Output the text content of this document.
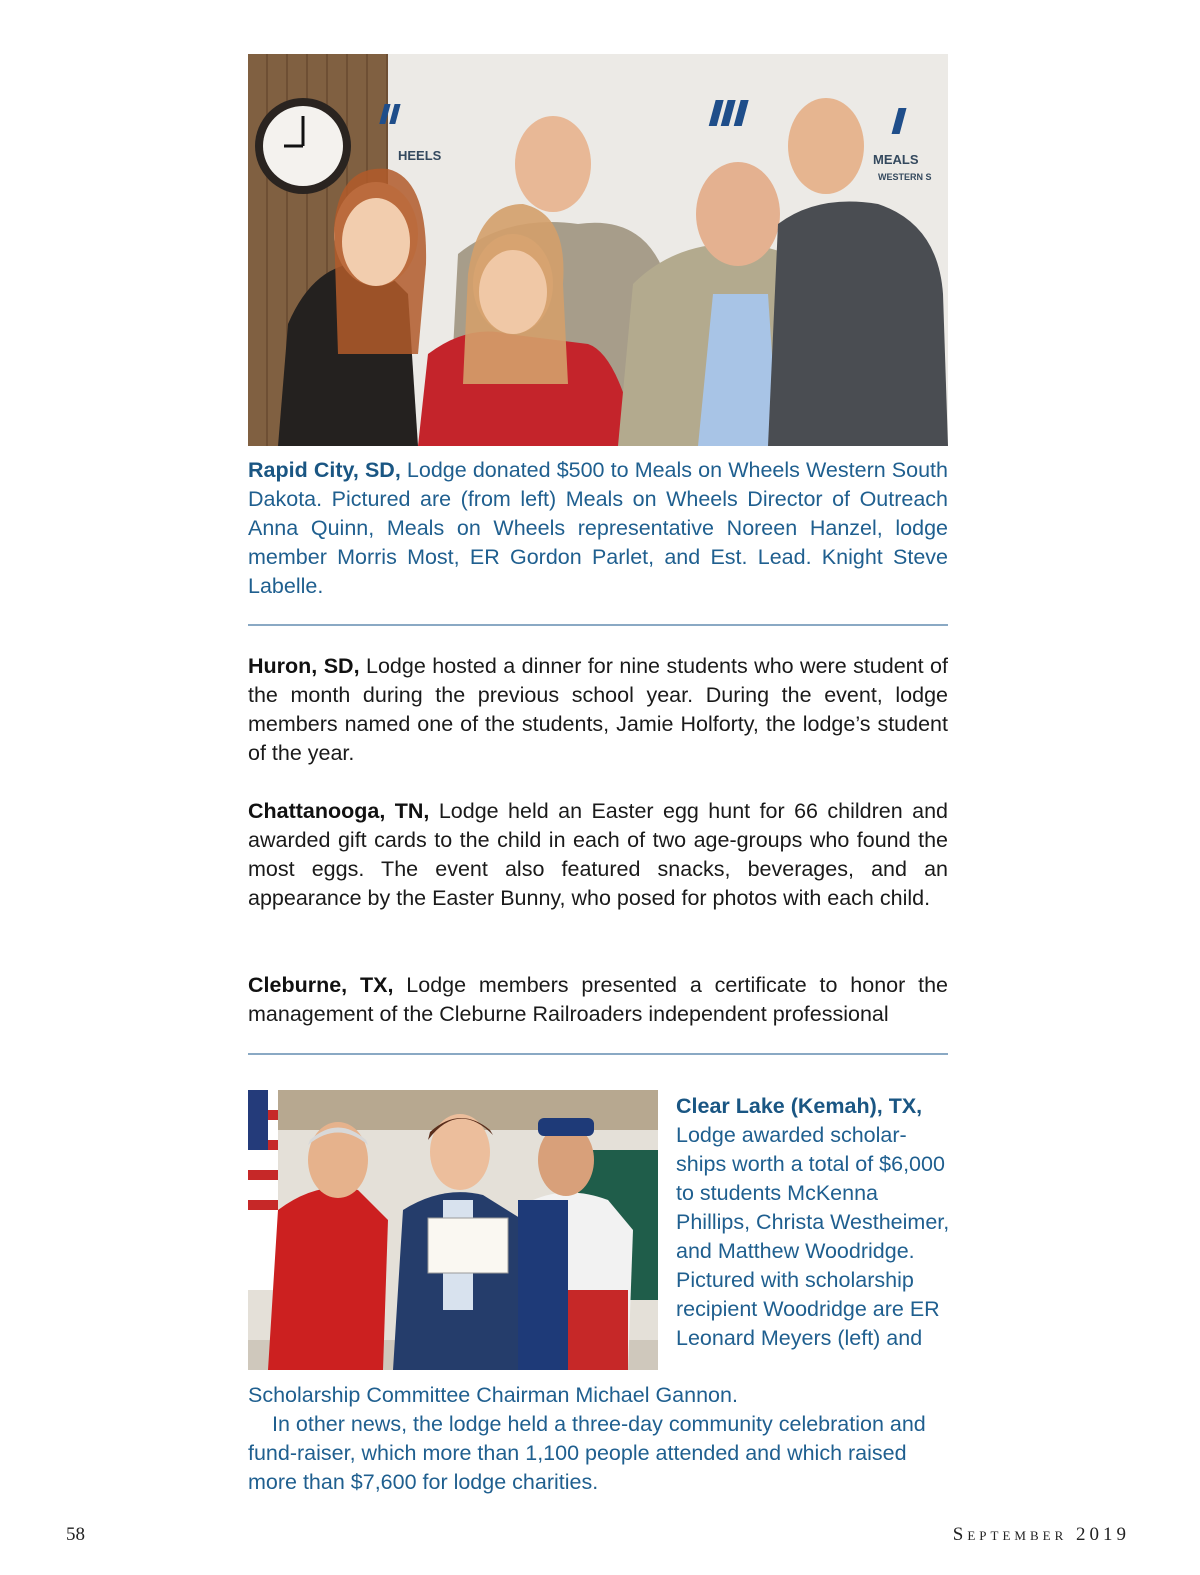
HEELS	MEALS
WESTERN S

Rapid City, SD, Lodge donated $500 to Meals on Wheels Western South Dakota. Pictured are (from left) Meals on Wheels Director of Outreach Anna Quinn, Meals on Wheels representative Noreen Hanzel, lodge member Morris Most, ER Gordon Parlet, and Est. Lead. Knight Steve Labelle.

Huron, SD, Lodge hosted a dinner for nine students who were student of the month during the previous school year. During the event, lodge members named one of the students, Jamie Holforty, the lodge’s student of the year.

Chattanooga, TN, Lodge held an Easter egg hunt for 66 children and awarded gift cards to the child in each of two age-groups who found the most eggs. The event also featured snacks, beverages, and an appearance by the Easter Bunny, who posed for photos with each child.

Cleburne, TX, Lodge members presented a certificate to honor the management of the Cleburne Railroaders independent professional

Clear Lake (Kemah), TX,
Lodge awarded scholar-ships worth a total of $6,000 to students McKenna Phillips, Christa Westheimer, and Matthew Woodridge. Pictured with scholarship recipient Woodridge are ER Leonard Meyers (left) and

Scholarship Committee Chairman Michael Gannon.

In other news, the lodge held a three-day community celebration and fund-raiser, which more than 1,100 people attended and which raised more than $7,600 for lodge charities.

58	September 2019
